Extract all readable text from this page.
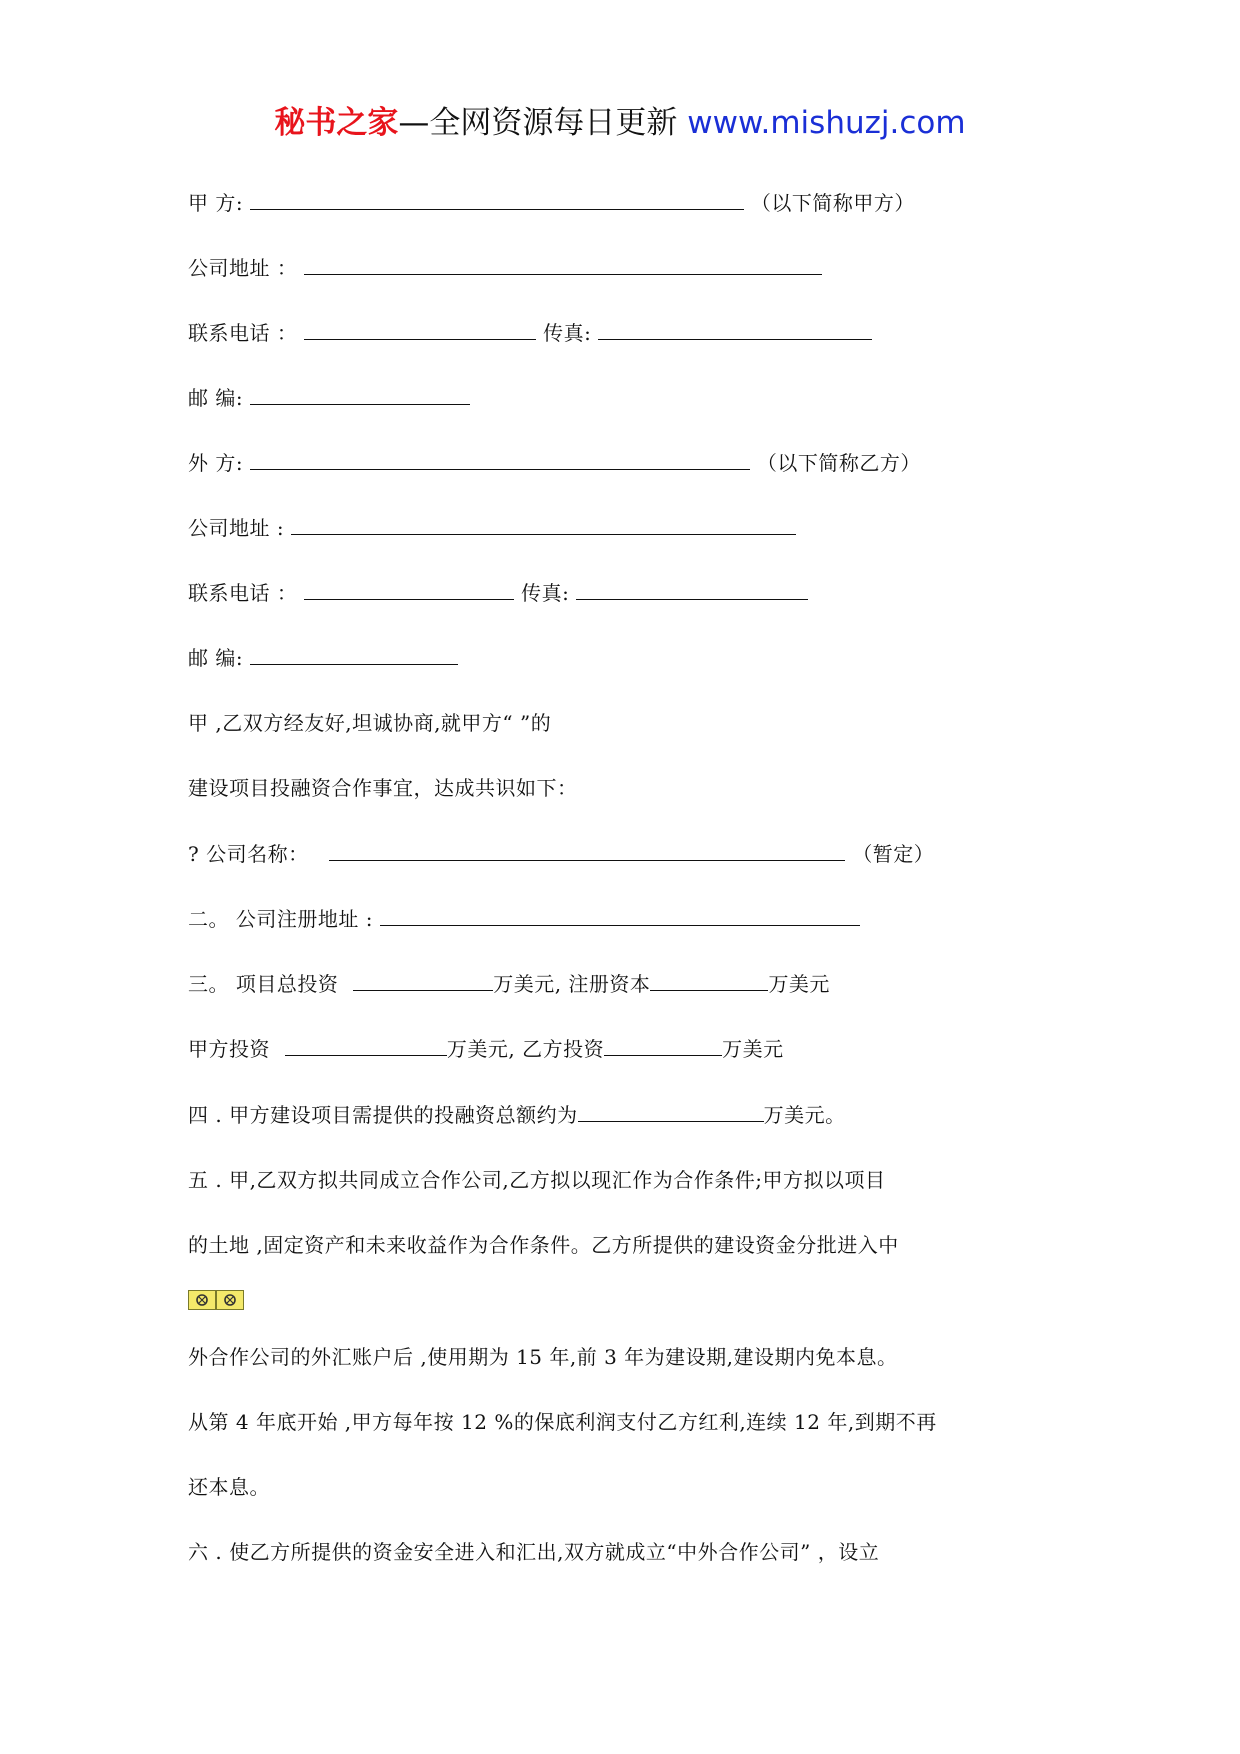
秘书之家—全网资源每日更新 www.mishuzj.com
甲 方:	（以下简称甲方）
公司地址 ：
联系电话 ：	传真:
邮 编:
外 方:	（以下简称乙方）
公司地址 :
联系电话 ：	传真:
邮 编:
甲 ,乙双方经友好,坦诚协商,就甲方“ ”的
建设项目投融资合作事宜，达成共识如下：
? 公司名称：	（暂定）
二。 公司注册地址 :
三。 项目总投资	万美元, 注册资本	万美元
甲方投资	万美元, 乙方投资	万美元
四 . 甲方建设项目需提供的投融资总额约为	万美元。
五 . 甲,乙双方拟共同成立合作公司,乙方拟以现汇作为合作条件;甲方拟以项目
的土地 ,固定资产和未来收益作为合作条件。乙方所提供的建设资金分批进入中
外合作公司的外汇账户后 ,使用期为 15 年,前 3 年为建设期,建设期内免本息。
从第 4 年底开始 ,甲方每年按 12 %的保底利润支付乙方红利,连续 12 年,到期不再
还本息。
六 . 使乙方所提供的资金安全进入和汇出,双方就成立“中外合作公司” ，设立
